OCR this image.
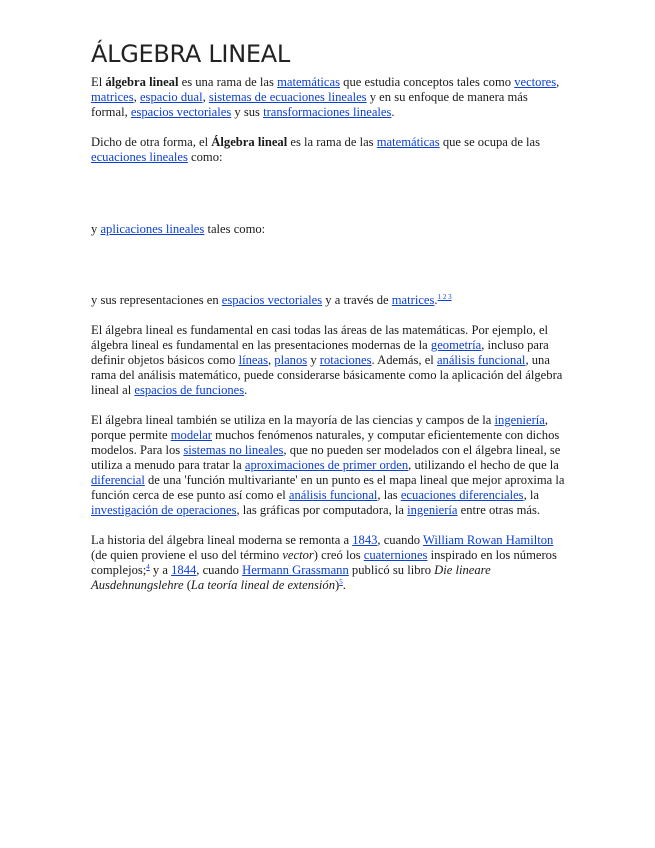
ÁLGEBRA LINEAL

El álgebra lineal es una rama de las matemáticas que estudia conceptos tales como vectores, matrices, espacio dual, sistemas de ecuaciones lineales y en su enfoque de manera más formal, espacios vectoriales y sus transformaciones lineales.

Dicho de otra forma, el Álgebra lineal es la rama de las matemáticas que se ocupa de las ecuaciones lineales como:

y aplicaciones lineales tales como:

y sus representaciones en espacios vectoriales y a través de matrices.$^{1 2 3}$

El álgebra lineal es fundamental en casi todas las áreas de las matemáticas. Por ejemplo, el álgebra lineal es fundamental en las presentaciones modernas de la geometría, incluso para definir objetos básicos como líneas, planos y rotaciones. Además, el análisis funcional, una rama del análisis matemático, puede considerarse básicamente como la aplicación del álgebra lineal al espacios de funciones.

El álgebra lineal también se utiliza en la mayoría de las ciencias y campos de la ingeniería, porque permite modelar muchos fenómenos naturales, y computar eficientemente con dichos modelos. Para los sistemas no lineales, que no pueden ser modelados con el álgebra lineal, se utiliza a menudo para tratar la aproximaciones de primer orden, utilizando el hecho de que la diferencial de una 'función multivariante' en un punto es el mapa lineal que mejor aproxima la función cerca de ese punto así como el análisis funcional, las ecuaciones diferenciales, la investigación de operaciones, las gráficas por computadora, la ingeniería entre otras más.

La historia del álgebra lineal moderna se remonta a 1843, cuando William Rowan Hamilton (de quien proviene el uso del término vector) creó los cuaterniones inspirado en los números complejos;$^4$ y a 1844, cuando Hermann Grassmann publicó su libro Die lineare Ausdehnungslehre (La teoría lineal de extensión)$^5$.
